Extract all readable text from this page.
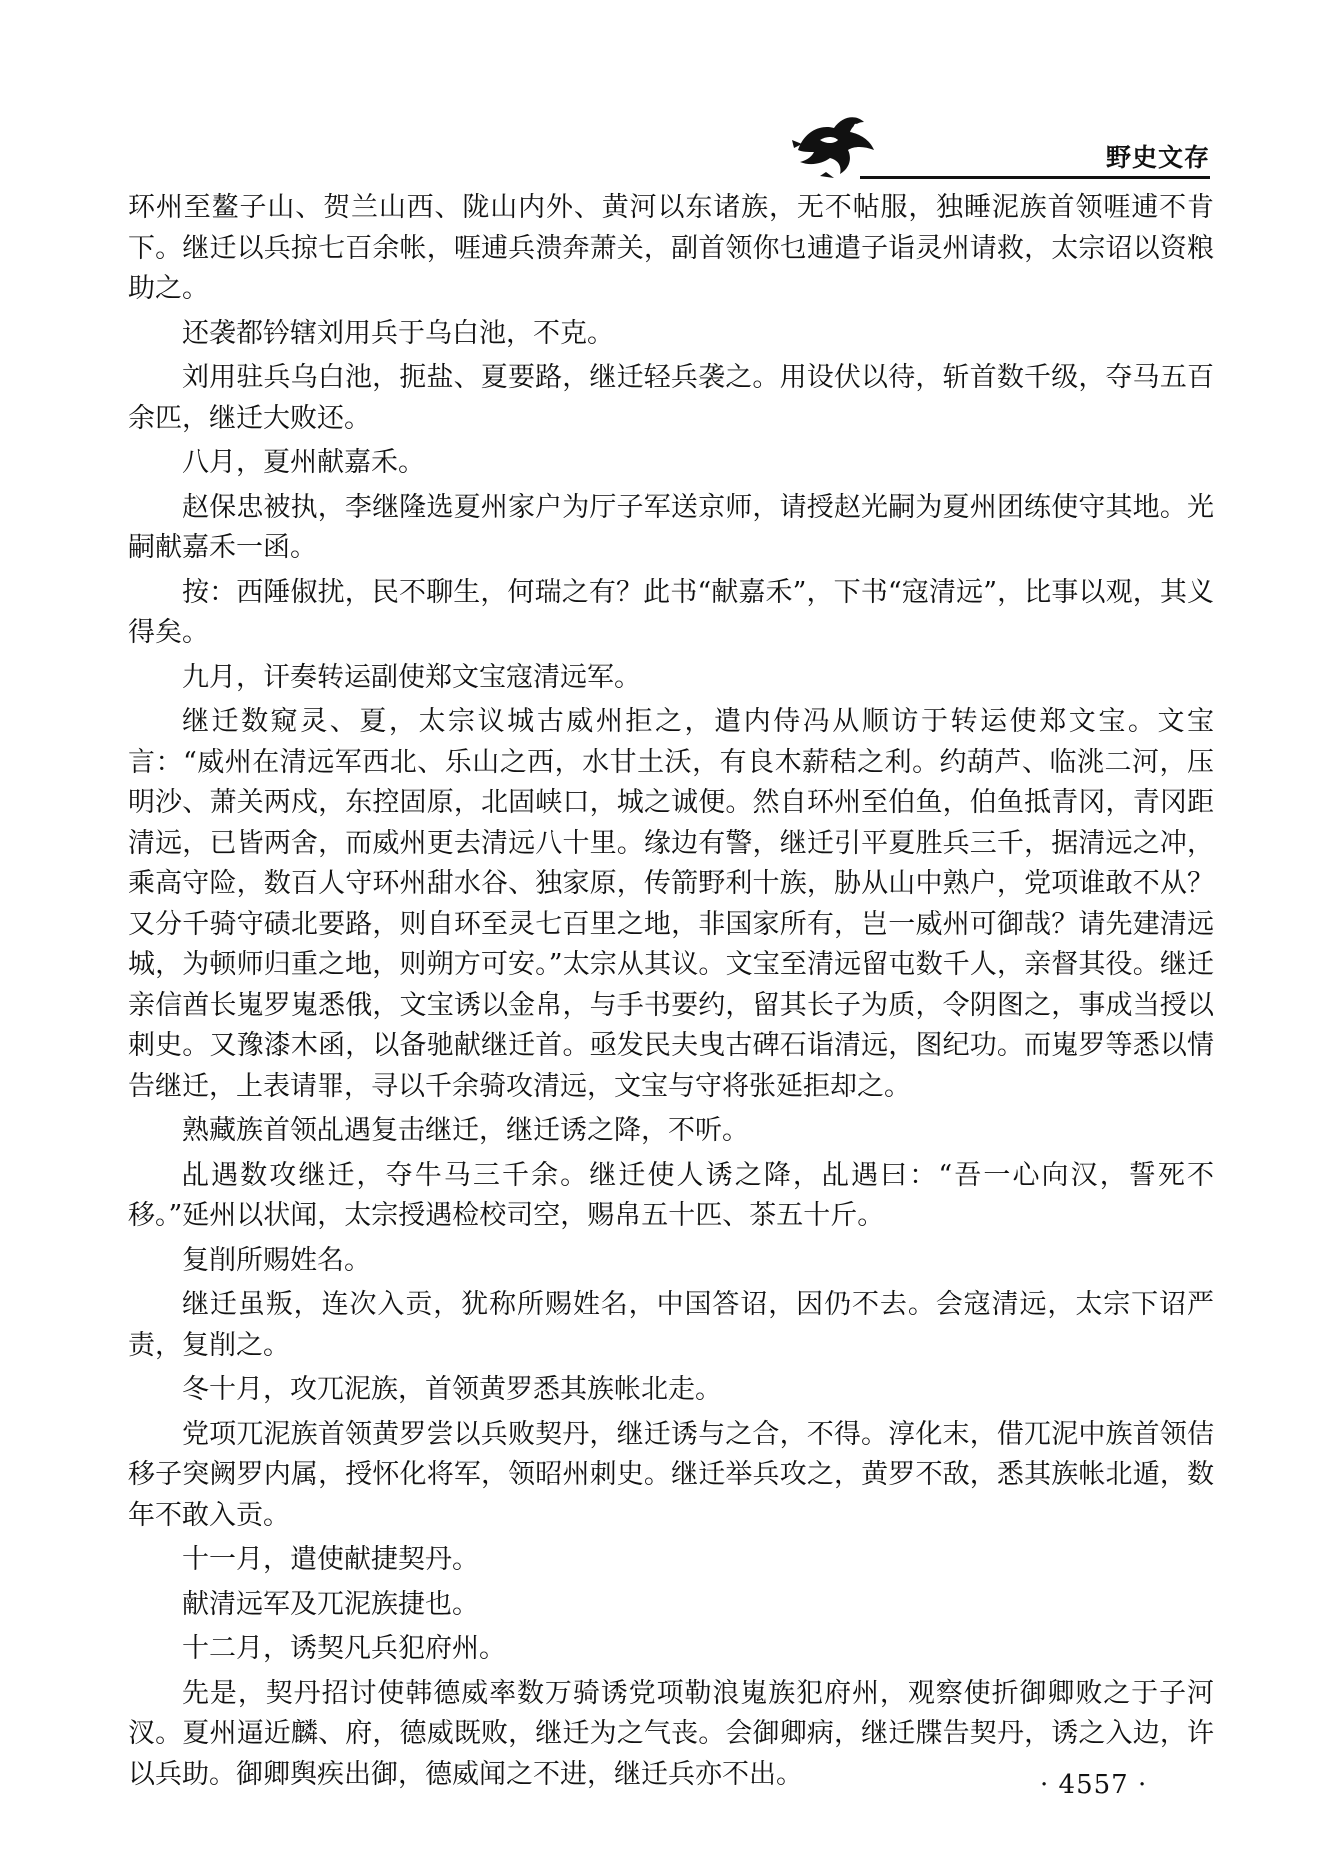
野史文存

环州至鳌子山、贺兰山西、陇山内外、黄河以东诸族，无不帖服，独睡泥族首领啀逋不肯下。继迁以兵掠七百余帐，啀逋兵溃奔萧关，副首领你乜逋遣子诣灵州请救，太宗诏以资粮助之。

还袭都钤辖刘用兵于乌白池，不克。

刘用驻兵乌白池，扼盐、夏要路，继迁轻兵袭之。用设伏以待，斩首数千级，夺马五百余匹，继迁大败还。

八月，夏州献嘉禾。

赵保忠被执，李继隆选夏州家户为厅子军送京师，请授赵光嗣为夏州团练使守其地。光嗣献嘉禾一函。

按：西陲俶扰，民不聊生，何瑞之有？此书“献嘉禾”，下书“寇清远”，比事以观，其义得矣。

九月，讦奏转运副使郑文宝寇清远军。

继迁数窥灵、夏，太宗议城古威州拒之，遣内侍冯从顺访于转运使郑文宝。文宝言：“威州在清远军西北、乐山之西，水甘土沃，有良木薪秸之利。约葫芦、临洮二河，压明沙、萧关两戍，东控固原，北固峡口，城之诚便。然自环州至伯鱼，伯鱼抵青冈，青冈距清远，已皆两舍，而威州更去清远八十里。缘边有警，继迁引平夏胜兵三千，据清远之冲，乘高守险，数百人守环州甜水谷、独家原，传箭野利十族，胁从山中熟户，党项谁敢不从？又分千骑守碛北要路，则自环至灵七百里之地，非国家所有，岂一威州可御哉？请先建清远城，为顿师归重之地，则朔方可安。”太宗从其议。文宝至清远留屯数千人，亲督其役。继迁亲信酋长嵬罗嵬悉俄，文宝诱以金帛，与手书要约，留其长子为质，令阴图之，事成当授以刺史。又豫漆木函，以备驰献继迁首。亟发民夫曳古碑石诣清远，图纪功。而嵬罗等悉以情告继迁，上表请罪，寻以千余骑攻清远，文宝与守将张延拒却之。

熟藏族首领乩遇复击继迁，继迁诱之降，不听。

乩遇数攻继迁，夺牛马三千余。继迁使人诱之降，乩遇曰：“吾一心向汉，誓死不移。”延州以状闻，太宗授遇检校司空，赐帛五十匹、茶五十斤。

复削所赐姓名。

继迁虽叛，连次入贡，犹称所赐姓名，中国答诏，因仍不去。会寇清远，太宗下诏严责，复削之。

冬十月，攻兀泥族，首领黄罗悉其族帐北走。

党项兀泥族首领黄罗尝以兵败契丹，继迁诱与之合，不得。淳化末，借兀泥中族首领佶移子突阙罗内属，授怀化将军，领昭州刺史。继迁举兵攻之，黄罗不敌，悉其族帐北遁，数年不敢入贡。

十一月，遣使献捷契丹。

献清远军及兀泥族捷也。

十二月，诱契凡兵犯府州。

先是，契丹招讨使韩德威率数万骑诱党项勒浪嵬族犯府州，观察使折御卿败之于子河汊。夏州逼近麟、府，德威既败，继迁为之气丧。会御卿病，继迁牒告契丹，诱之入边，许以兵助。御卿舆疾出御，德威闻之不进，继迁兵亦不出。	· 4557 ·
